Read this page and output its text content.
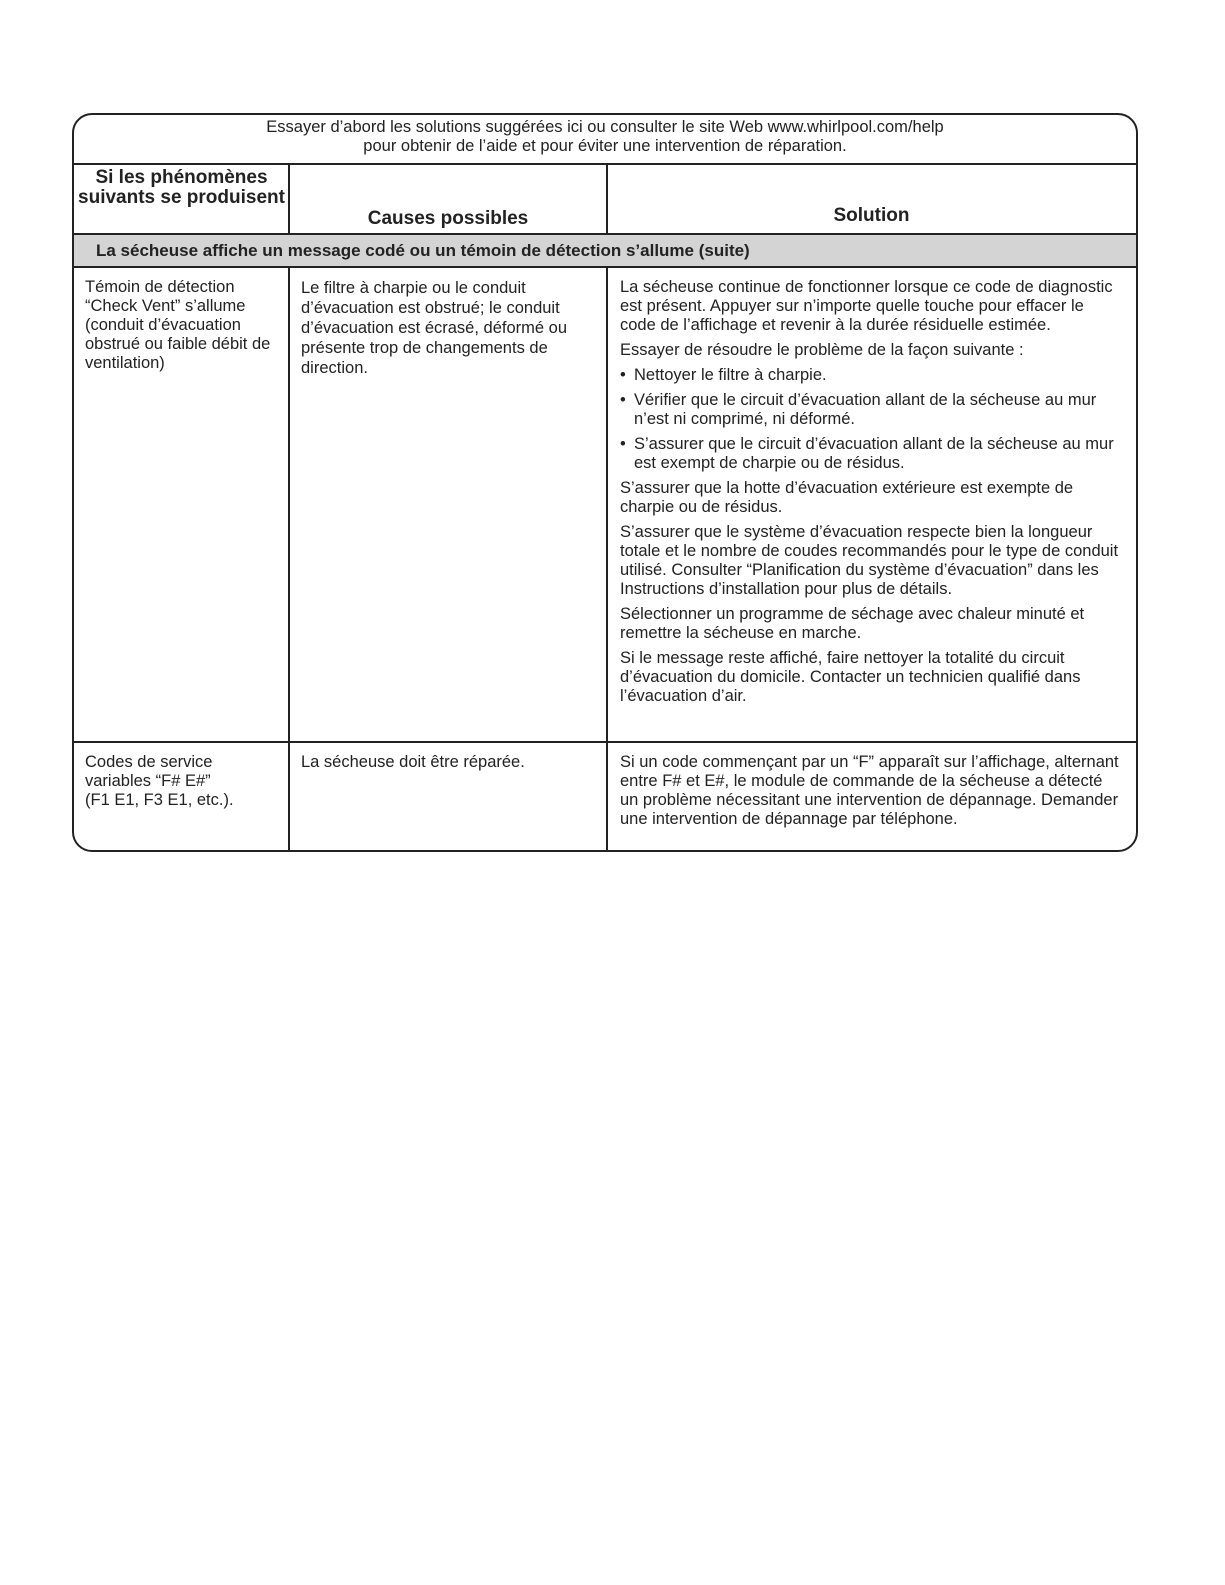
Essayer d’abord les solutions suggérées ici ou consulter le site Web www.whirlpool.com/help
pour obtenir de l’aide et pour éviter une intervention de réparation.
Si les phénomènes suivants se produisent
Causes possibles	Solution
La sécheuse affiche un message codé ou un témoin de détection s’allume (suite)
Témoin de détection “Check Vent” s’allume (conduit d’évacuation obstrué ou faible débit de ventilation)
Le filtre à charpie ou le conduit d’évacuation est obstrué; le conduit d’évacuation est écrasé, déformé ou présente trop de changements de direction.
La sécheuse continue de fonctionner lorsque ce code de diagnostic est présent. Appuyer sur n’importe quelle touche pour effacer le code de l’affichage et revenir à la durée résiduelle estimée.
Essayer de résoudre le problème de la façon suivante :
• Nettoyer le filtre à charpie.
• Vérifier que le circuit d’évacuation allant de la sécheuse au mur n’est ni comprimé, ni déformé.
• S’assurer que le circuit d’évacuation allant de la sécheuse au mur est exempt de charpie ou de résidus.
S’assurer que la hotte d’évacuation extérieure est exempte de charpie ou de résidus.
S’assurer que le système d’évacuation respecte bien la longueur totale et le nombre de coudes recommandés pour le type de conduit utilisé. Consulter “Planification du système d’évacuation” dans les Instructions d’installation pour plus de détails.
Sélectionner un programme de séchage avec chaleur minuté et remettre la sécheuse en marche.
Si le message reste affiché, faire nettoyer la totalité du circuit d’évacuation du domicile. Contacter un technicien qualifié dans l’évacuation d’air.
Codes de service
variables “F# E#”
(F1 E1, F3 E1, etc.).
La sécheuse doit être réparée.	Si un code commençant par un “F” apparaît sur l’affichage, alternant entre F# et E#, le module de commande de la sécheuse a détecté un problème nécessitant une intervention de dépannage. Demander une intervention de dépannage par téléphone.
